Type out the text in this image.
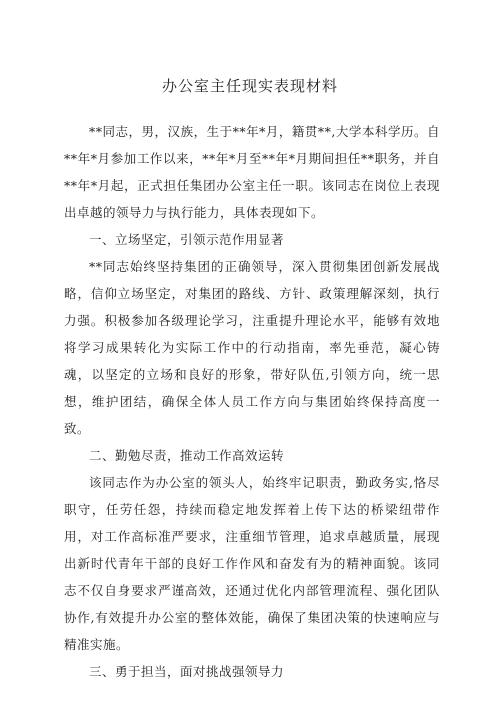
办公室主任现实表现材料

**同志，男，汉族，生于**年*月，籍贯**,大学本科学历。自**年*月参加工作以来，**年*月至**年*月期间担任**职务，并自**年*月起，正式担任集团办公室主任一职。该同志在岗位上表现出卓越的领导力与执行能力，具体表现如下。

一、立场坚定，引领示范作用显著

**同志始终坚持集团的正确领导，深入贯彻集团创新发展战略，信仰立场坚定，对集团的路线、方针、政策理解深刻，执行力强。积极参加各级理论学习，注重提升理论水平，能够有效地将学习成果转化为实际工作中的行动指南，率先垂范，凝心铸魂，以坚定的立场和良好的形象，带好队伍,引领方向，统一思想，维护团结，确保全体人员工作方向与集团始终保持高度一致。

二、勤勉尽责，推动工作高效运转

该同志作为办公室的领头人，始终牢记职责，勤政务实,恪尽职守，任劳任怨，持续而稳定地发挥着上传下达的桥梁纽带作用，对工作高标准严要求，注重细节管理，追求卓越质量，展现出新时代青年干部的良好工作作风和奋发有为的精神面貌。该同志不仅自身要求严谨高效，还通过优化内部管理流程、强化团队协作,有效提升办公室的整体效能，确保了集团决策的快速响应与精准实施。

三、勇于担当，面对挑战强领导力
